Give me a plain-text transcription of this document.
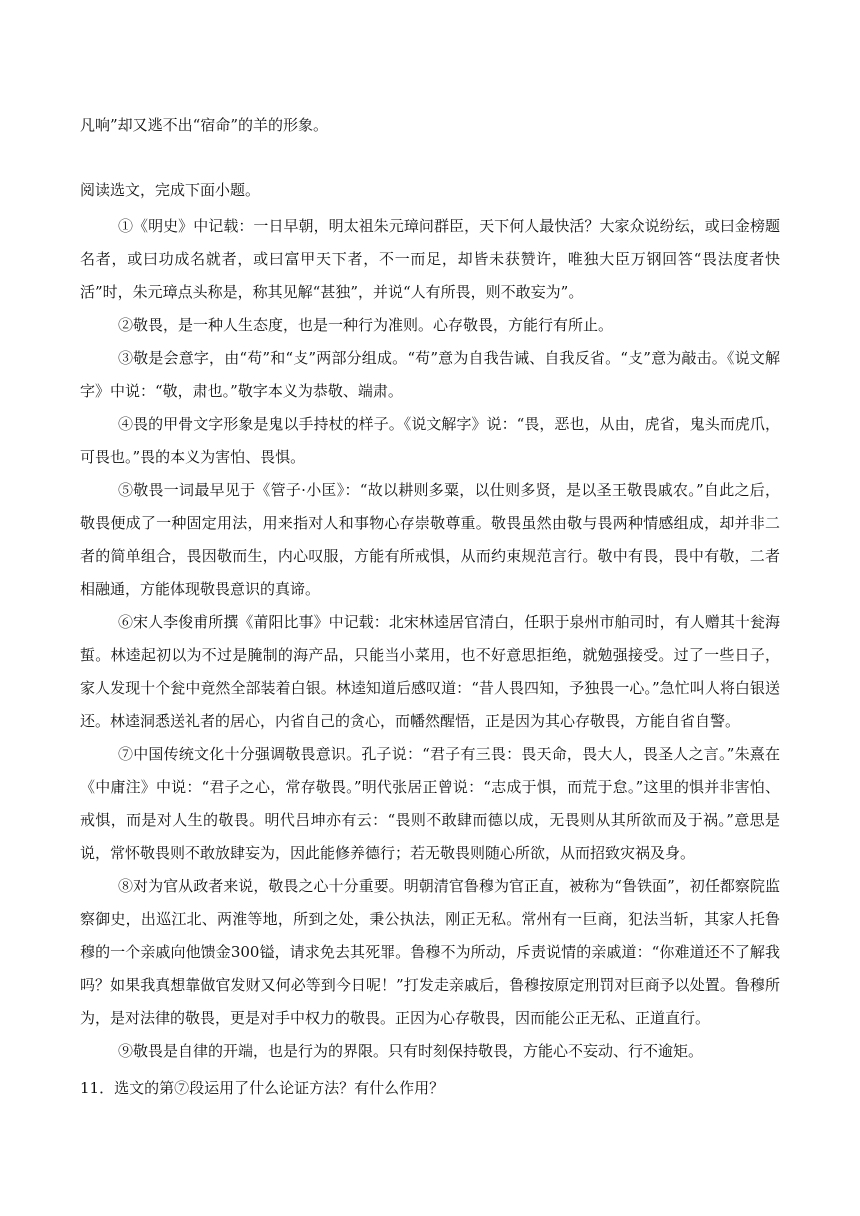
凡响”却又逃不出“宿命”的羊的形象。
阅读选文，完成下面小题。

①《明史》中记载：一日早朝，明太祖朱元璋问群臣，天下何人最快活？大家众说纷纭，或曰金榜题名者，或曰功成名就者，或曰富甲天下者，不一而足，却皆未获赞许，唯独大臣万钢回答“畏法度者快活”时，朱元璋点头称是，称其见解“甚独”，并说“人有所畏，则不敢妄为”。

②敬畏，是一种人生态度，也是一种行为准则。心存敬畏，方能行有所止。

③敬是会意字，由“苟”和“攴”两部分组成。“苟”意为自我告诫、自我反省。“攴”意为敲击。《说文解字》中说：“敬，肃也。”敬字本义为恭敬、端肃。

④畏的甲骨文字形象是鬼以手持杖的样子。《说文解字》说：“畏，恶也，从由，虎省，鬼头而虎爪，可畏也。”畏的本义为害怕、畏惧。

⑤敬畏一词最早见于《管子·小匡》：“故以耕则多粟，以仕则多贤，是以圣王敬畏戚农。”自此之后，敬畏便成了一种固定用法，用来指对人和事物心存崇敬尊重。敬畏虽然由敬与畏两种情感组成，却并非二者的简单组合，畏因敬而生，内心叹服，方能有所戒惧，从而约束规范言行。敬中有畏，畏中有敬，二者相融通，方能体现敬畏意识的真谛。

⑥宋人李俊甫所撰《莆阳比事》中记载：北宋林逵居官清白，任职于泉州市舶司时，有人赠其十瓮海蜇。林逵起初以为不过是腌制的海产品，只能当小菜用，也不好意思拒绝，就勉强接受。过了一些日子，家人发现十个瓮中竟然全部装着白银。林逵知道后感叹道：“昔人畏四知，予独畏一心。”急忙叫人将白银送还。林逵洞悉送礼者的居心，内省自己的贪心，而幡然醒悟，正是因为其心存敬畏，方能自省自警。

⑦中国传统文化十分强调敬畏意识。孔子说：“君子有三畏：畏天命，畏大人，畏圣人之言。”朱熹在《中庸注》中说：“君子之心，常存敬畏。”明代张居正曾说：“志成于惧，而荒于怠。”这里的惧并非害怕、戒惧，而是对人生的敬畏。明代吕坤亦有云：“畏则不敢肆而德以成，无畏则从其所欲而及于祸。”意思是说，常怀敬畏则不敢放肆妄为，因此能修养德行；若无敬畏则随心所欲，从而招致灾祸及身。

⑧对为官从政者来说，敬畏之心十分重要。明朝清官鲁穆为官正直，被称为“鲁铁面”，初任都察院监察御史，出巡江北、两淮等地，所到之处，秉公执法，刚正无私。常州有一巨商，犯法当斩，其家人托鲁穆的一个亲戚向他馈金300镒，请求免去其死罪。鲁穆不为所动，斥责说情的亲戚道：“你难道还不了解我吗？如果我真想靠做官发财又何必等到今日呢！”打发走亲戚后，鲁穆按原定刑罚对巨商予以处置。鲁穆所为，是对法律的敬畏，更是对手中权力的敬畏。正因为心存敬畏，因而能公正无私、正道直行。

⑨敬畏是自律的开端，也是行为的界限。只有时刻保持敬畏，方能心不妄动、行不逾矩。

11．选文的第⑦段运用了什么论证方法？有什么作用？
